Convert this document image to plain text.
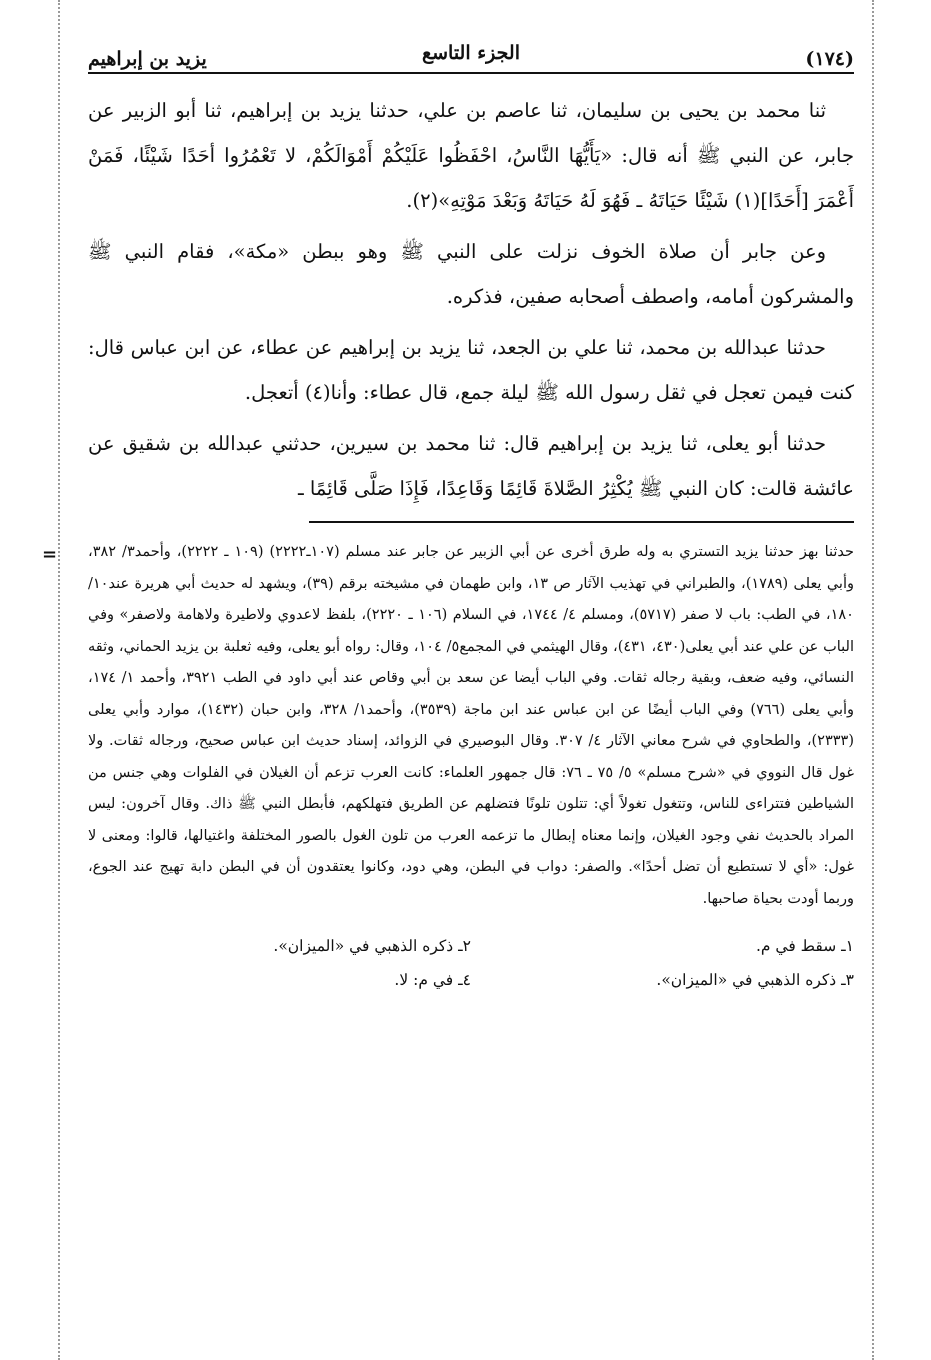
(١٧٤)
الجزء التاسع
يزيد بن إبراهيم

ثنا محمد بن يحيى بن سليمان، ثنا عاصم بن علي، حدثنا يزيد بن إبراهيم، ثنا أبو الزبير عن جابر، عن النبي ﷺ أنه قال: «يَأَيُّهَا النَّاسُ، احْفَظُوا عَلَيْكُمْ أَمْوَالَكُمْ، لا تَعْمُرُوا أحَدًا شَيْئًا، فَمَنْ أَعْمَرَ [أَحَدًا](١) شَيْئًا حَيَاتَهُ ـ فَهُوَ لَهُ حَيَاتَهُ وَبَعْدَ مَوْتِهِ»(٢).

وعن جابر أن صلاة الخوف نزلت على النبي ﷺ وهو ببطن «مكة»، فقام النبي ﷺ والمشركون أمامه، واصطف أصحابه صفين، فذكره.

حدثنا عبدالله بن محمد، ثنا علي بن الجعد، ثنا يزيد بن إبراهيم عن عطاء، عن ابن عباس قال: كنت فيمن تعجل في ثقل رسول الله ﷺ ليلة جمع، قال عطاء: وأنا(٤) أتعجل.

حدثنا أبو يعلى، ثنا يزيد بن إبراهيم قال: ثنا محمد بن سيرين، حدثني عبدالله بن شقيق عن عائشة قالت: كان النبي ﷺ يُكْثِرُ الصَّلاةَ قَائِمًا وَقَاعِدًا، فَإِذَا صَلَّى قَائِمًا ـ

= حدثنا بهز حدثنا يزيد التستري به وله طرق أخرى عن أبي الزبير عن جابر عند مسلم (١٠٧ـ٢٢٢٢) (١٠٩ ـ ٢٢٢٢)، وأحمد٣/ ٣٨٢، وأبي يعلى (١٧٨٩)، والطبراني في تهذيب الآثار ص ١٣، وابن طهمان في مشيخته برقم (٣٩)، ويشهد له حديث أبي هريرة عند١٠/ ١٨٠، في الطب: باب لا صفر (٥٧١٧)، ومسلم ٤/ ١٧٤٤، في السلام (١٠٦ ـ ٢٢٢٠)، بلفظ لاعدوي ولاطيرة ولاهامة ولاصفر» وفي الباب عن علي عند أبي يعلى(٤٣٠، ٤٣١)، وقال الهيثمي في المجمع٥/ ١٠٤، وقال: رواه أبو يعلى، وفيه ثعلبة بن يزيد الحماني، وثقه النسائي، وفيه ضعف، وبقية رجاله ثقات. وفي الباب أيضا عن سعد بن أبي وقاص عند أبي داود في الطب ٣٩٢١، وأحمد ١/ ١٧٤، وأبي يعلى (٧٦٦) وفي الباب أيضًا عن ابن عباس عند ابن ماجة (٣٥٣٩)، وأحمد١/ ٣٢٨، وابن حبان (١٤٣٢)، موارد وأبي يعلى (٢٣٣٣)، والطحاوي في شرح معاني الآثار ٤/ ٣٠٧. وقال البوصيري في الزوائد، إسناد حديث ابن عباس صحيح، ورجاله ثقات. ولا غول قال النووي في «شرح مسلم» ٥/ ٧٥ ـ ٧٦: قال جمهور العلماء: كانت العرب تزعم أن الغيلان في الفلوات وهي جنس من الشياطين فتتراءى للناس، وتتغول تغولاً أي: تتلون تلونًا فتضلهم عن الطريق فتهلكهم، فأبطل النبي ﷺ ذاك. وقال آخرون: ليس المراد بالحديث نفي وجود الغيلان، وإنما معناه إبطال ما تزعمه العرب من تلون الغول بالصور المختلفة واغتيالها، قالوا: ومعنى لا غول: «أي لا تستطيع أن تضل أحدًا». والصفر: دواب في البطن، وهي دود، وكانوا يعتقدون أن في البطن دابة تهيج عند الجوع، وربما أودت بحياة صاحبها.

١ـ سقط في م.
٢ـ ذكره الذهبي في «الميزان».
٣ـ ذكره الذهبي في «الميزان».
٤ـ في م: لا.
